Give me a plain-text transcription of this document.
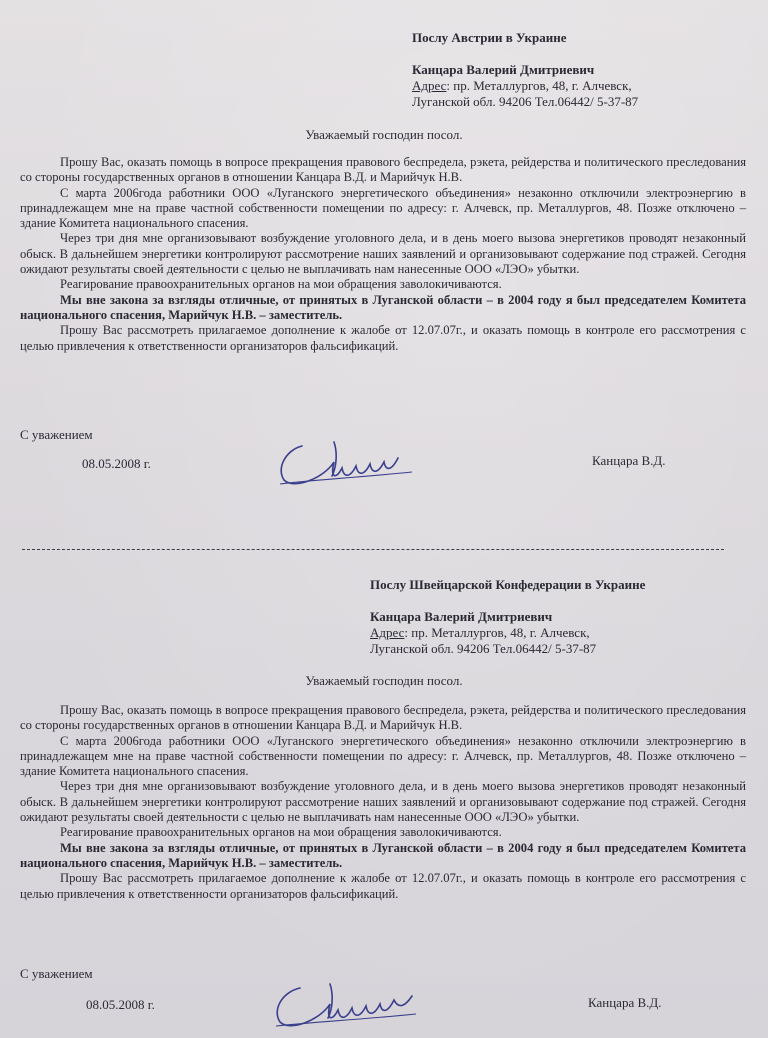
Послу Австрии в Украине
Канцара Валерий Дмитриевич
Адрес: пр. Металлургов, 48, г. Алчевск,
Луганской обл. 94206 Тел.06442/ 5-37-87
Уважаемый господин посол.

Прошу Вас, оказать помощь в вопросе прекращения правового беспредела, рэкета, рейдерства и политического преследования со стороны государственных органов в отношении Канцара В.Д. и Марийчук Н.В.

С марта 2006года работники ООО «Луганского энергетического объединения» незаконно отключили электроэнергию в принадлежащем мне на праве частной собственности помещении по адресу: г. Алчевск, пр. Металлургов, 48. Позже отключено – здание Комитета национального спасения.

Через три дня мне организовывают возбуждение уголовного дела, и в день моего вызова энергетиков проводят незаконный обыск. В дальнейшем энергетики контролируют рассмотрение наших заявлений и организовывают содержание под стражей. Сегодня ожидают результаты своей деятельности с целью не выплачивать нам нанесенные ООО «ЛЭО» убытки.

Реагирование правоохранительных органов на мои обращения заволокичиваются.

Мы вне закона за взгляды отличные, от принятых в Луганской области – в 2004 году я был председателем Комитета национального спасения, Марийчук Н.В. – заместитель.

Прошу Вас рассмотреть прилагаемое дополнение к жалобе от 12.07.07г., и оказать помощь в контроле его рассмотрения с целью привлечения к ответственности организаторов фальсификаций.

С уважением
08.05.2008 г.	Канцара В.Д.
Послу Швейцарской Конфедерации в Украине
Канцара Валерий Дмитриевич
Адрес: пр. Металлургов, 48, г. Алчевск,
Луганской обл. 94206 Тел.06442/ 5-37-87
Уважаемый господин посол.

Прошу Вас, оказать помощь в вопросе прекращения правового беспредела, рэкета, рейдерства и политического преследования со стороны государственных органов в отношении Канцара В.Д. и Марийчук Н.В.

С марта 2006года работники ООО «Луганского энергетического объединения» незаконно отключили электроэнергию в принадлежащем мне на праве частной собственности помещении по адресу: г. Алчевск, пр. Металлургов, 48. Позже отключено – здание Комитета национального спасения.

Через три дня мне организовывают возбуждение уголовного дела, и в день моего вызова энергетиков проводят незаконный обыск. В дальнейшем энергетики контролируют рассмотрение наших заявлений и организовывают содержание под стражей. Сегодня ожидают результаты своей деятельности с целью не выплачивать нам нанесенные ООО «ЛЭО» убытки.

Реагирование правоохранительных органов на мои обращения заволокичиваются.

Мы вне закона за взгляды отличные, от принятых в Луганской области – в 2004 году я был председателем Комитета национального спасения, Марийчук Н.В. – заместитель.

Прошу Вас рассмотреть прилагаемое дополнение к жалобе от 12.07.07г., и оказать помощь в контроле его рассмотрения с целью привлечения к ответственности организаторов фальсификаций.

С уважением
08.05.2008 г.	Канцара В.Д.
